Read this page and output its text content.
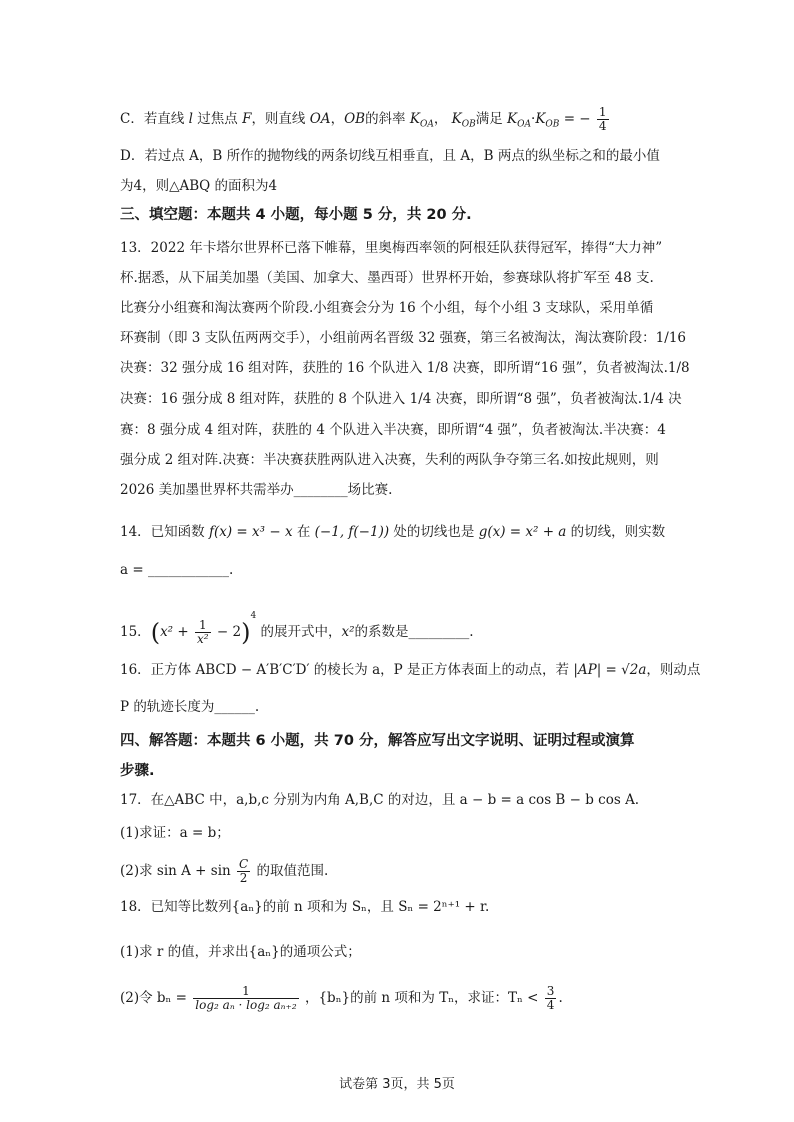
C．若直线 l 过焦点 F，则直线 OA，OB的斜率 $K_{OA}$， $K_{OB}$满足 $K_{OA}\cdot K_{OB}$ = − $\frac{1}{4}$
D．若过点 A，B 所作的抛物线的两条切线互相垂直，且 A，B 两点的纵坐标之和的最小值
为4，则△ABQ 的面积为4
三、填空题：本题共 4 小题，每小题 5 分，共 20 分.
13．2022 年卡塔尔世界杯已落下帷幕，里奥梅西率领的阿根廷队获得冠军，捧得“大力神”
杯.据悉，从下届美加墨（美国、加拿大、墨西哥）世界杯开始，参赛球队将扩军至 48 支.
比赛分小组赛和淘汰赛两个阶段.小组赛会分为 16 个小组，每个小组 3 支球队，采用单循
环赛制（即 3 支队伍两两交手），小组前两名晋级 32 强赛，第三名被淘汰，淘汰赛阶段：1/16
决赛：32 强分成 16 组对阵，获胜的 16 个队进入 1/8 决赛，即所谓“16 强”，负者被淘汰.1/8
决赛：16 强分成 8 组对阵，获胜的 8 个队进入 1/4 决赛，即所谓“8 强”，负者被淘汰.1/4 决
赛：8 强分成 4 组对阵，获胜的 4 个队进入半决赛，即所谓“4 强”，负者被淘汰.半决赛：4
强分成 2 组对阵.决赛：半决赛获胜两队进入决赛，失利的两队争夺第三名.如按此规则，则
2026 美加墨世界杯共需举办________场比赛.
14．已知函数 f(x) = x³ − x 在 (−1, f(−1)) 处的切线也是 g(x) = x² + a 的切线，则实数
a = ____________.
15．$(x^2 + \frac{1}{\text{x²}} - 2)^4$ 的展开式中，x²的系数是_________.
16．正方体 ABCD − A′B′C′D′ 的棱长为 a，P 是正方体表面上的动点，若 |AP| = √2a，则动点
P 的轨迹长度为______.
四、解答题：本题共 6 小题，共 70 分，解答应写出文字说明、证明过程或演算
步骤.
17．在△ABC 中，a,b,c 分别为内角 A,B,C 的对边，且 a − b = a cos B − b cos A.
(1)求证：a = b；
(2)求 $\sin A + \sin \frac{C}{2}$ 的取值范围.
18．已知等比数列{aₙ}的前 n 项和为 Sₙ，且 Sₙ = 2ⁿ⁺¹ + r.
(1)求 r 的值，并求出{aₙ}的通项公式；
(2)令 $b_n = \frac{1}{\text{log₂ aₙ · log₂ aₙ₊₂}}$ ，{bₙ}的前 n 项和为 Tₙ，求证：$T_n < \frac{3}{4}$ .
试卷第 3页，共 5页
